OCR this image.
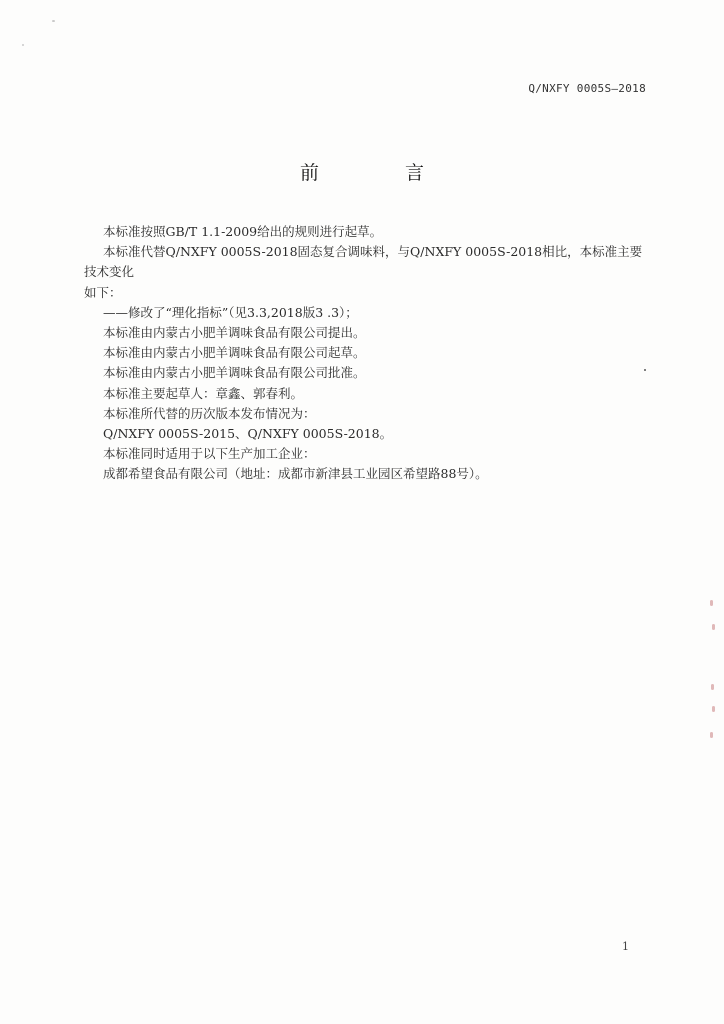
Q/NXFY 0005S—2018
前 言

本标准按照GB/T 1.1-2009给出的规则进行起草。

本标准代替Q/NXFY 0005S-2018固态复合调味料，与Q/NXFY 0005S-2018相比，本标准主要技术变化

如下：

——修改了“理化指标”（见3.3,2018版3 .3）；

本标准由内蒙古小肥羊调味食品有限公司提出。

本标准由内蒙古小肥羊调味食品有限公司起草。

本标准由内蒙古小肥羊调味食品有限公司批准。

本标准主要起草人：章鑫、郭春利。

本标准所代替的历次版本发布情况为：

Q/NXFY 0005S-2015、Q/NXFY 0005S-2018。

本标准同时适用于以下生产加工企业：

成都希望食品有限公司（地址：成都市新津县工业园区希望路88号）。

1
